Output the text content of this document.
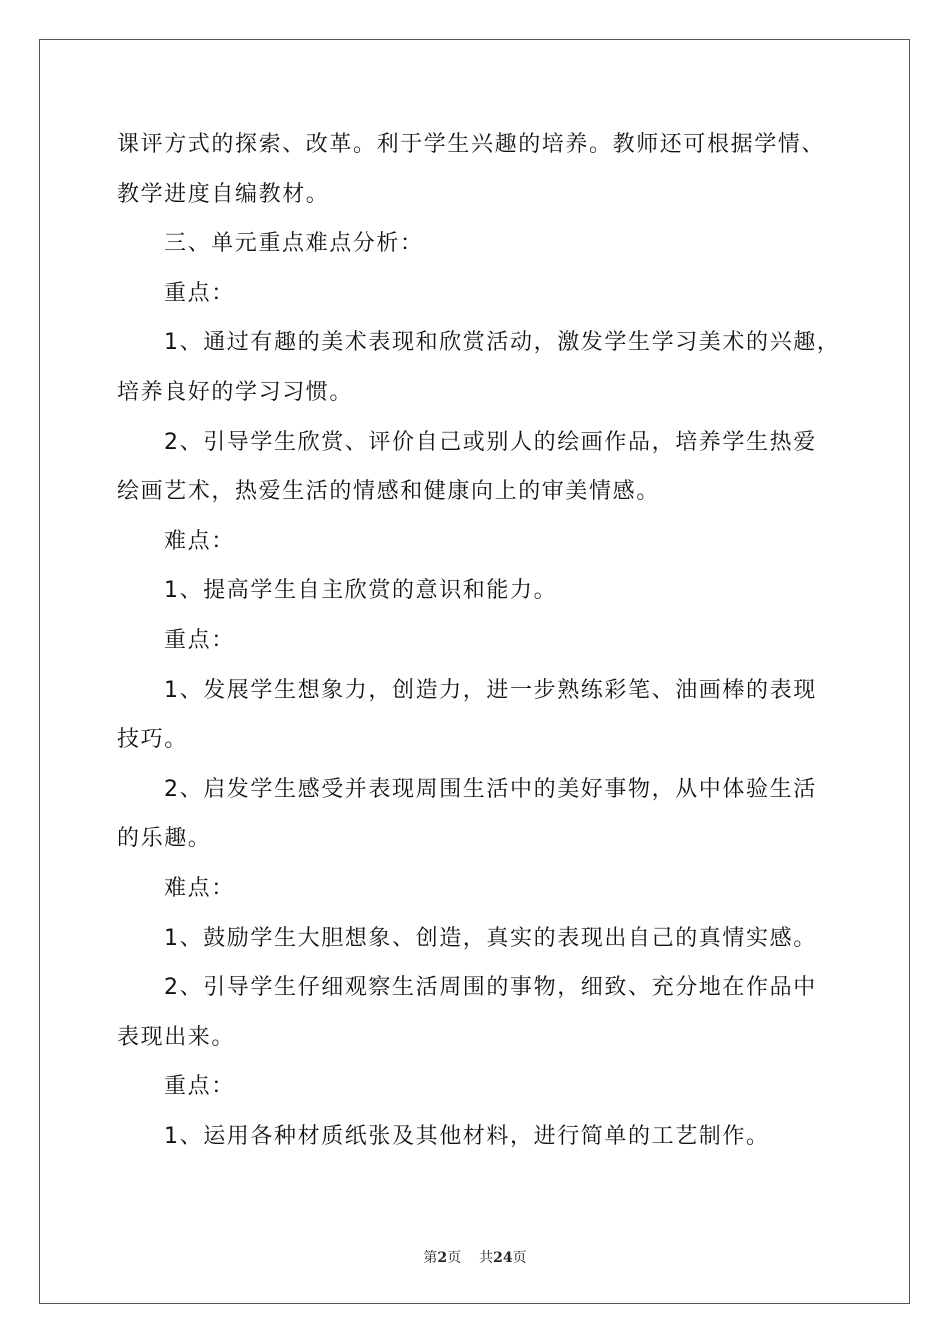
课评方式的探索、改革。利于学生兴趣的培养。教师还可根据学情、
教学进度自编教材。
三、单元重点难点分析：
重点：
1、通过有趣的美术表现和欣赏活动，激发学生学习美术的兴趣，
培养良好的学习习惯。
2、引导学生欣赏、评价自己或别人的绘画作品，培养学生热爱
绘画艺术，热爱生活的情感和健康向上的审美情感。
难点：
1、提高学生自主欣赏的意识和能力。
重点：
1、发展学生想象力，创造力，进一步熟练彩笔、油画棒的表现
技巧。
2、启发学生感受并表现周围生活中的美好事物，从中体验生活
的乐趣。
难点：
1、鼓励学生大胆想象、创造，真实的表现出自己的真情实感。
2、引导学生仔细观察生活周围的事物，细致、充分地在作品中
表现出来。
重点：
1、运用各种材质纸张及其他材料，进行简单的工艺制作。
第2页 共24页
